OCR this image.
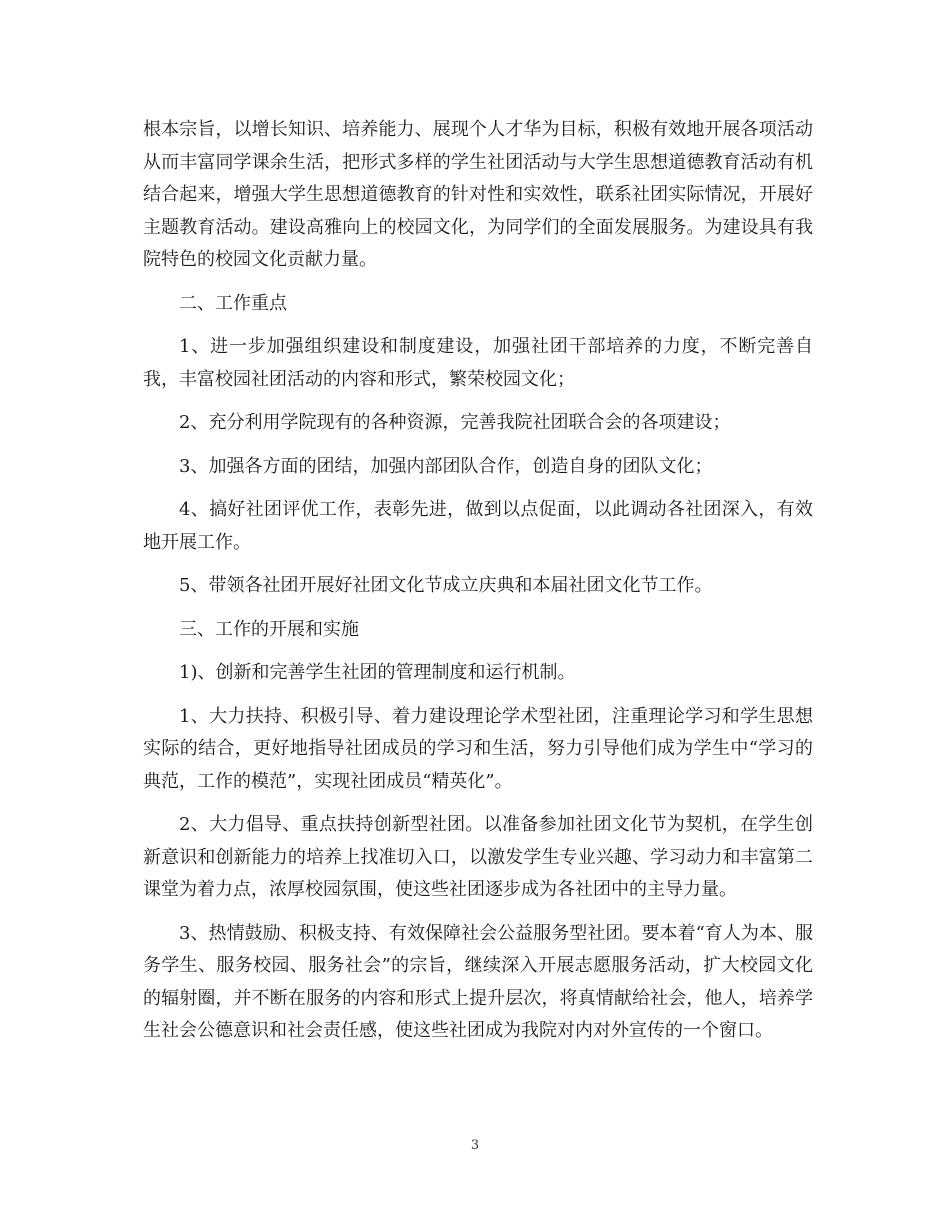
根本宗旨，以增长知识、培养能力、展现个人才华为目标，积极有效地开展各项活动从而丰富同学课余生活，把形式多样的学生社团活动与大学生思想道德教育活动有机结合起来，增强大学生思想道德教育的针对性和实效性，联系社团实际情况，开展好主题教育活动。建设高雅向上的校园文化，为同学们的全面发展服务。为建设具有我院特色的校园文化贡献力量。

二、工作重点

1、进一步加强组织建设和制度建设，加强社团干部培养的力度，不断完善自我，丰富校园社团活动的内容和形式，繁荣校园文化；

2、充分利用学院现有的各种资源，完善我院社团联合会的各项建设；

3、加强各方面的团结，加强内部团队合作，创造自身的团队文化；

4、搞好社团评优工作，表彰先进，做到以点促面，以此调动各社团深入，有效地开展工作。

5、带领各社团开展好社团文化节成立庆典和本届社团文化节工作。

三、工作的开展和实施

1)、创新和完善学生社团的管理制度和运行机制。

1、大力扶持、积极引导、着力建设理论学术型社团，注重理论学习和学生思想实际的结合，更好地指导社团成员的学习和生活，努力引导他们成为学生中“学习的典范，工作的模范”，实现社团成员“精英化”。

2、大力倡导、重点扶持创新型社团。以准备参加社团文化节为契机，在学生创新意识和创新能力的培养上找准切入口，以激发学生专业兴趣、学习动力和丰富第二课堂为着力点，浓厚校园氛围，使这些社团逐步成为各社团中的主导力量。

3、热情鼓励、积极支持、有效保障社会公益服务型社团。要本着“育人为本、服务学生、服务校园、服务社会”的宗旨，继续深入开展志愿服务活动，扩大校园文化的辐射圈，并不断在服务的内容和形式上提升层次，将真情献给社会，他人，培养学生社会公德意识和社会责任感，使这些社团成为我院对内对外宣传的一个窗口。

3
